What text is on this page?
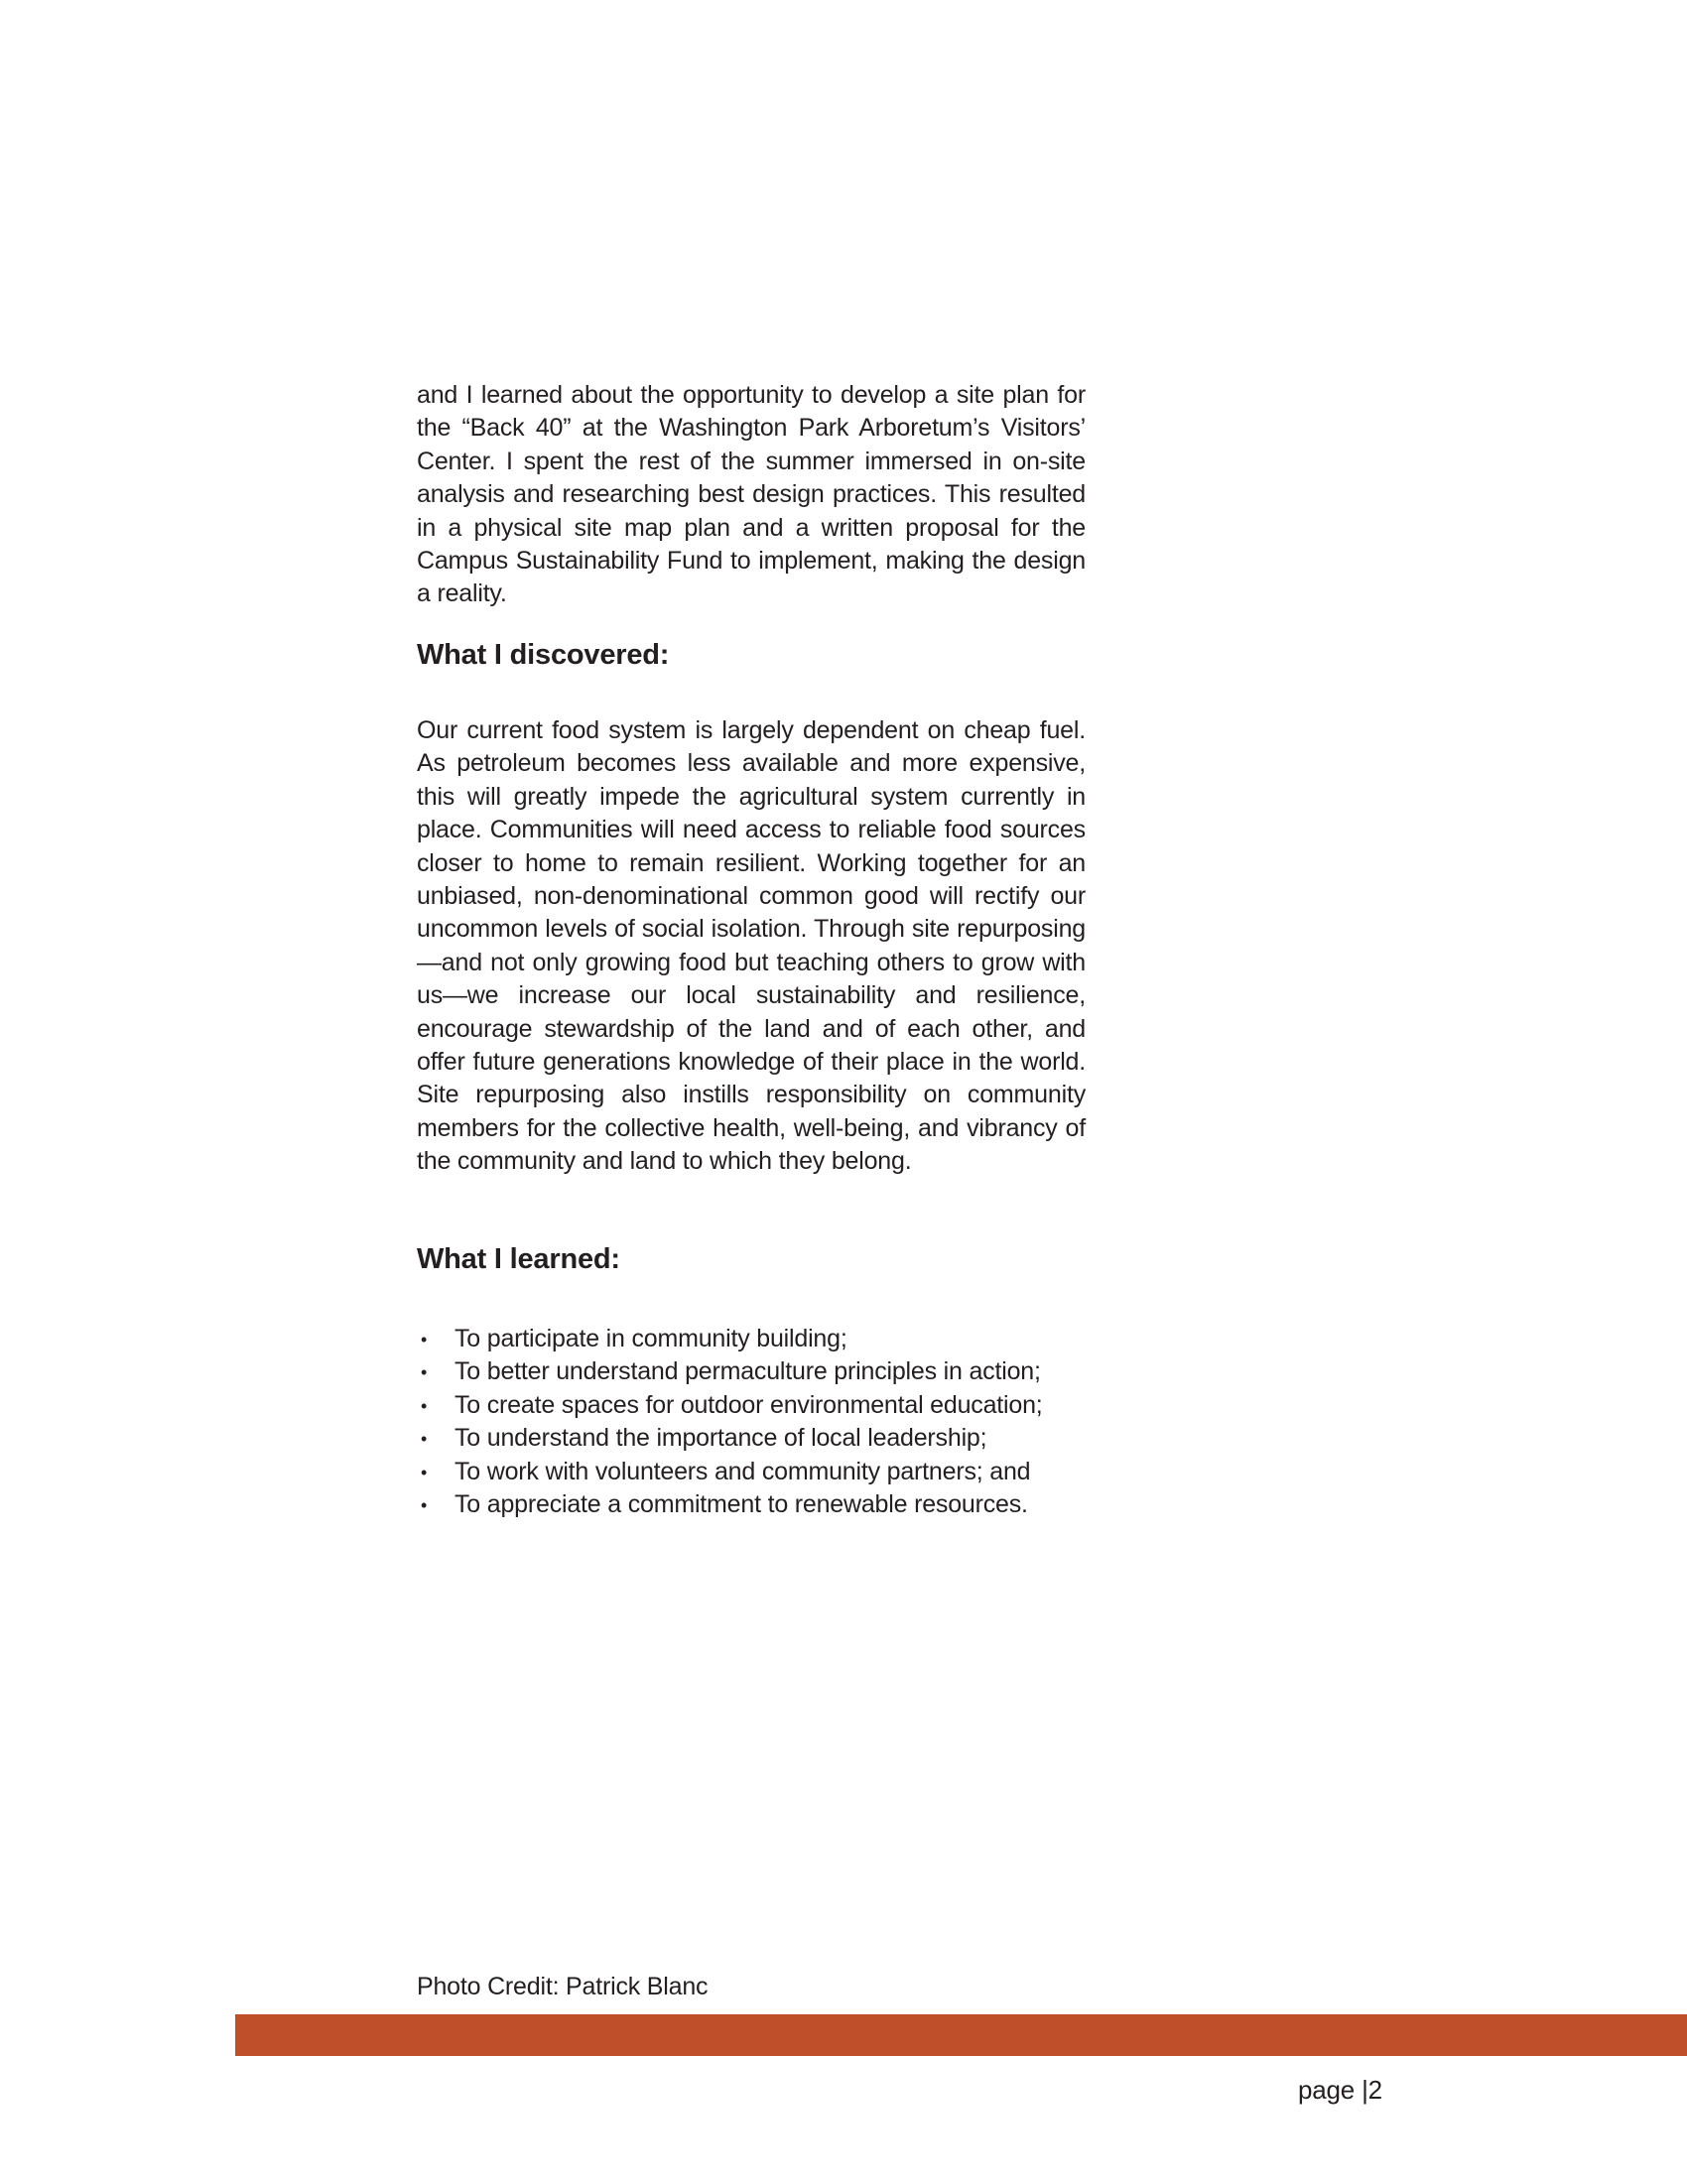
and I learned about the opportunity to develop a site plan for the “Back 40” at the Washington Park Arboretum’s Visitors’ Center. I spent the rest of the summer immersed in on-site analysis and researching best design practices. This resulted in a physical site map plan and a written proposal for the Campus Sustainability Fund to implement, making the design a reality.

What I discovered:

Our current food system is largely dependent on cheap fuel. As petroleum becomes less available and more expensive, this will greatly impede the agricultural system currently in place. Communities will need access to reliable food sources closer to home to remain resilient. Working together for an unbiased, non-denominational common good will rectify our uncommon levels of social isolation. Through site repurposing—and not only growing food but teaching others to grow with us—we increase our local sustainability and resilience, encourage stewardship of the land and of each other, and offer future generations knowledge of their place in the world. Site repurposing also instills responsibility on community members for the collective health, well-being, and vibrancy of the community and land to which they belong.

What I learned:
• To participate in community building;
• To better understand permaculture principles in action;
• To create spaces for outdoor environmental education;
• To understand the importance of local leadership;
• To work with volunteers and community partners; and
• To appreciate a commitment to renewable resources.

Photo Credit: Patrick Blanc

page |2
